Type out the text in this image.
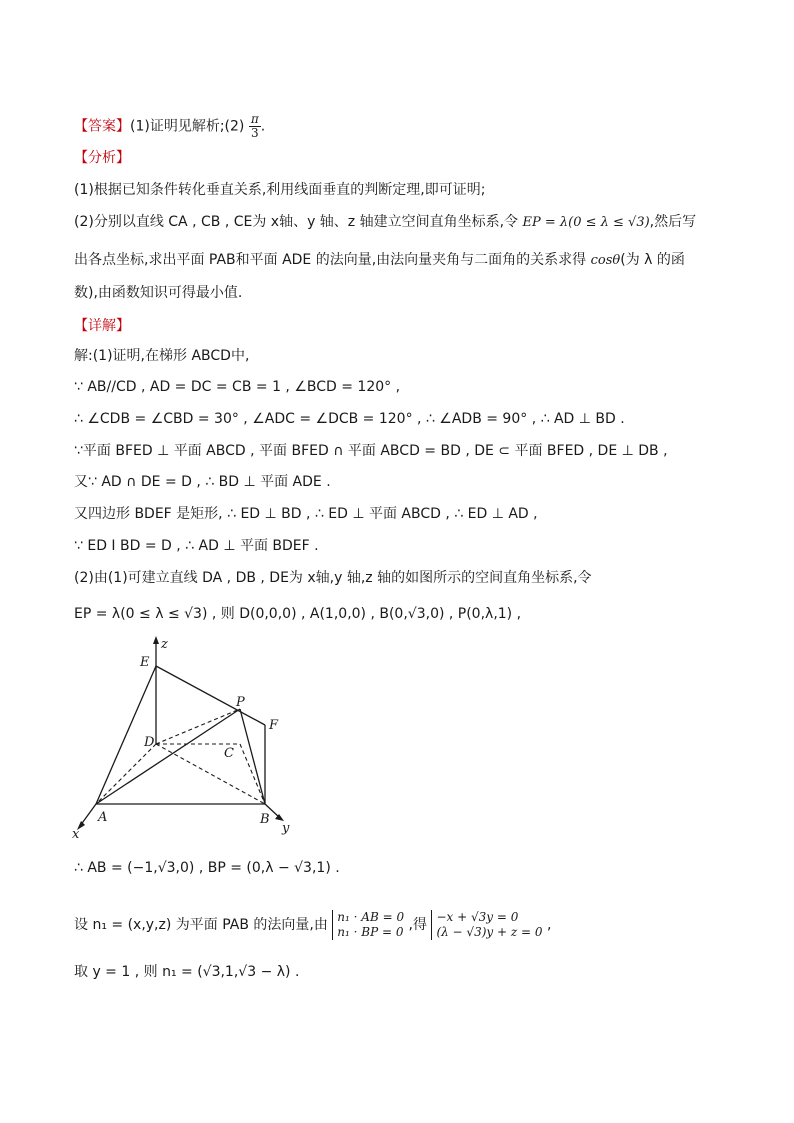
【答案】(1)证明见解析;(2) $\frac{\pi}{3}$ .
【分析】
(1)根据已知条件转化垂直关系,利用线面垂直的判断定理,即可证明;
(2)分别以直线 CA , CB , CE为 x轴、y 轴、z 轴建立空间直角坐标系,令 EP = λ(0 ≤ λ ≤ √3),然后写
出各点坐标,求出平面 PAB和平面 ADE 的法向量,由法向量夹角与二面角的关系求得 cosθ(为 λ 的函
数),由函数知识可得最小值.
【详解】
解:(1)证明,在梯形 ABCD中,
∵ AB//CD , AD = DC = CB = 1 , ∠BCD = 120° ,
∴ ∠CDB = ∠CBD = 30° , ∠ADC = ∠DCB = 120° , ∴ ∠ADB = 90° , ∴ AD ⊥ BD .
∵平面 BFED ⊥ 平面 ABCD , 平面 BFED ∩ 平面 ABCD = BD , DE ⊂ 平面 BFED , DE ⊥ DB ,
又∵ AD ∩ DE = D , ∴ BD ⊥ 平面 ADE .
又四边形 BDEF 是矩形, ∴ ED ⊥ BD , ∴ ED ⊥ 平面 ABCD , ∴ ED ⊥ AD ,
∵ ED I BD = D , ∴ AD ⊥ 平面 BDEF .
(2)由(1)可建立直线 DA , DB , DE为 x轴,y 轴,z 轴的如图所示的空间直角坐标系,令
EP = λ(0 ≤ λ ≤ √3) , 则 D(0,0,0) , A(1,0,0) , B(0,√3,0) , P(0,λ,1) ,
z
E
P
F
D
C
A	B
x	y
∴ AB = (−1,√3,0) , BP = (0,λ − √3,1) .
设 n₁ = (x,y,z) 为平面 PAB 的法向量,由 n₁ · AB = 0
n₁ · BP = 0 ,得 −x + √3y = 0
(λ − √3)y + z = 0 ,
取 y = 1 , 则 n₁ = (√3,1,√3 − λ) .
